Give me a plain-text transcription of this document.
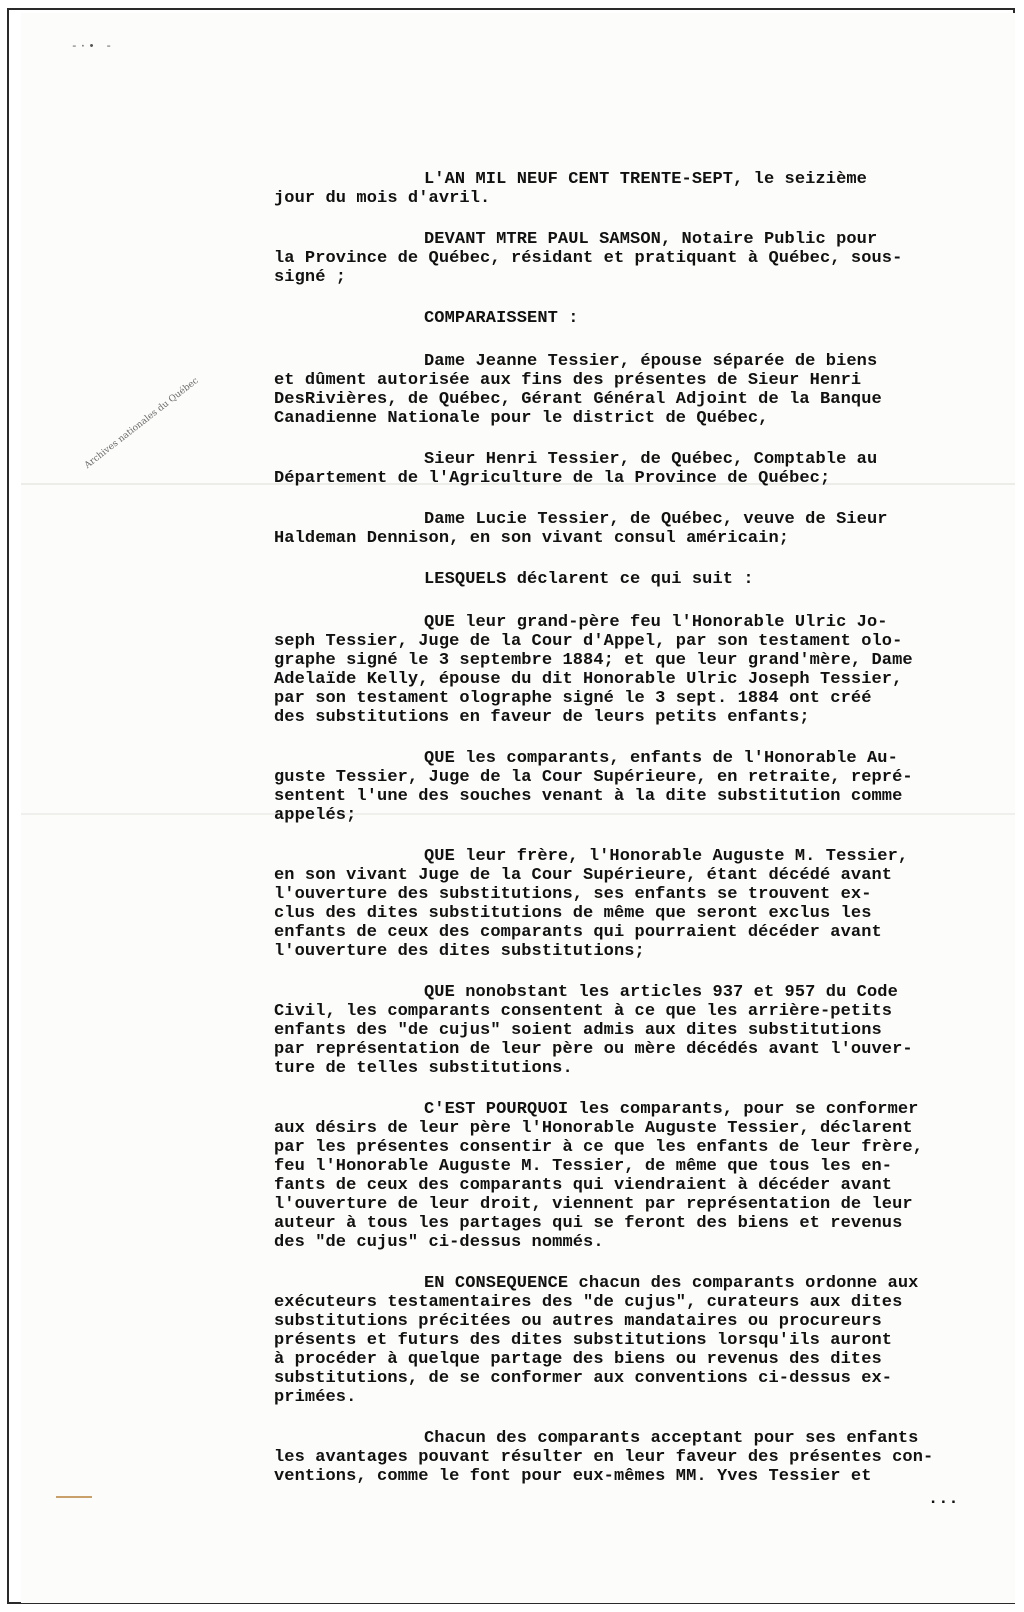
-·• -
Archives nationales du Québec

L'AN MIL NEUF CENT TRENTE-SEPT, le seizième
jour du mois d'avril.

DEVANT MTRE PAUL SAMSON, Notaire Public pour
la Province de Québec, résidant et pratiquant à Québec, sous-
signé ;

COMPARAISSENT :

Dame Jeanne Tessier, épouse séparée de biens
et dûment autorisée aux fins des présentes de Sieur Henri
DesRivières, de Québec, Gérant Général Adjoint de la Banque
Canadienne Nationale pour le district de Québec,

Sieur Henri Tessier, de Québec, Comptable au
Département de l'Agriculture de la Province de Québec;

Dame Lucie Tessier, de Québec, veuve de Sieur
Haldeman Dennison, en son vivant consul américain;

LESQUELS déclarent ce qui suit :

QUE leur grand-père feu l'Honorable Ulric Jo-
seph Tessier, Juge de la Cour d'Appel, par son testament olo-
graphe signé le 3 septembre 1884; et que leur grand'mère, Dame
Adelaïde Kelly, épouse du dit Honorable Ulric Joseph Tessier,
par son testament olographe signé le 3 sept. 1884 ont créé
des substitutions en faveur de leurs petits enfants;

QUE les comparants, enfants de l'Honorable Au-
guste Tessier, Juge de la Cour Supérieure, en retraite, repré-
sentent l'une des souches venant à la dite substitution comme
appelés;

QUE leur frère, l'Honorable Auguste M. Tessier,
en son vivant Juge de la Cour Supérieure, étant décédé avant
l'ouverture des substitutions, ses enfants se trouvent ex-
clus des dites substitutions de même que seront exclus les
enfants de ceux des comparants qui pourraient décéder avant
l'ouverture des dites substitutions;

QUE nonobstant les articles 937 et 957 du Code
Civil, les comparants consentent à ce que les arrière-petits
enfants des "de cujus" soient admis aux dites substitutions
par représentation de leur père ou mère décédés avant l'ouver-
ture de telles substitutions.

C'EST POURQUOI les comparants, pour se conformer
aux désirs de leur père l'Honorable Auguste Tessier, déclarent
par les présentes consentir à ce que les enfants de leur frère,
feu l'Honorable Auguste M. Tessier, de même que tous les en-
fants de ceux des comparants qui viendraient à décéder avant
l'ouverture de leur droit, viennent par représentation de leur
auteur à tous les partages qui se feront des biens et revenus
des "de cujus" ci-dessus nommés.

EN CONSEQUENCE chacun des comparants ordonne aux
exécuteurs testamentaires des "de cujus", curateurs aux dites
substitutions précitées ou autres mandataires ou procureurs
présents et futurs des dites substitutions lorsqu'ils auront
à procéder à quelque partage des biens ou revenus des dites
substitutions, de se conformer aux conventions ci-dessus ex-
primées.

Chacun des comparants acceptant pour ses enfants
les avantages pouvant résulter en leur faveur des présentes con-
ventions, comme le font pour eux-mêmes MM. Yves Tessier et

...
